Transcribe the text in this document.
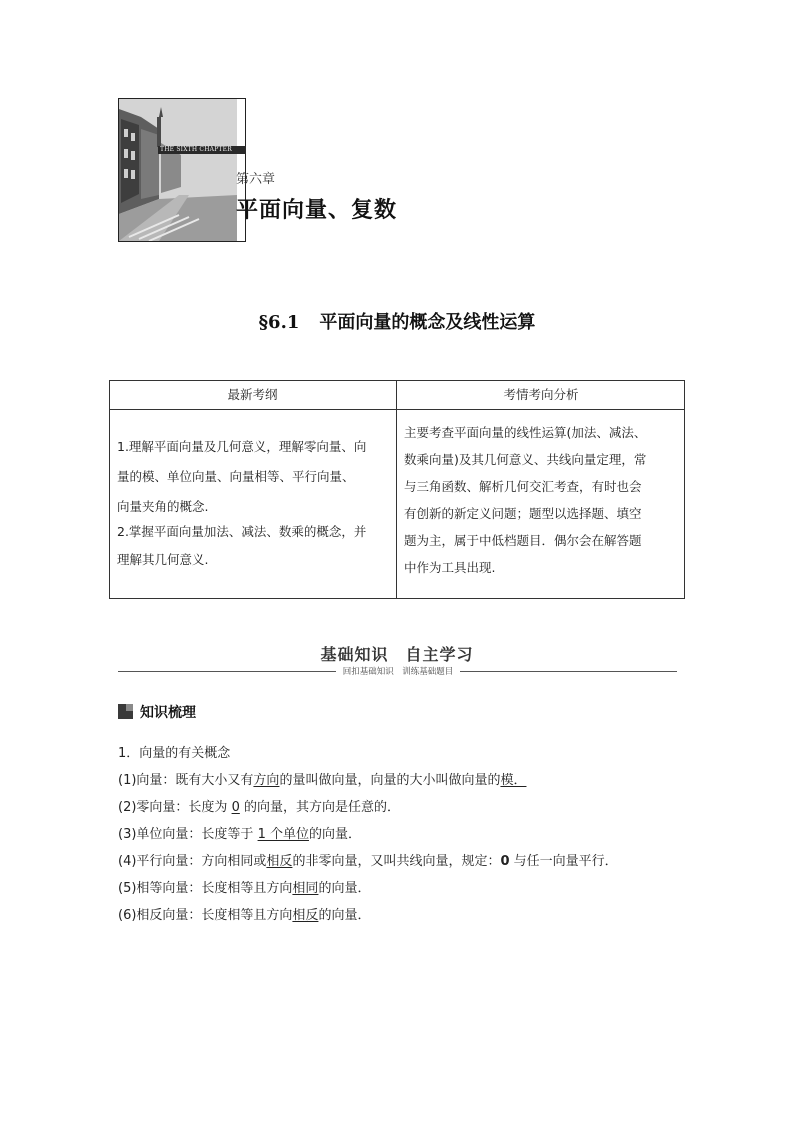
THE SIXTH CHAPTER
第六章
平面向量、复数
§6.1 平面向量的概念及线性运算
最新考纲	考情考向分析
1.理解平面向量及几何意义，理解零向量、向
量的模、单位向量、向量相等、平行向量、
向量夹角的概念.
2.掌握平面向量加法、减法、数乘的概念，并
理解其几何意义.
主要考查平面向量的线性运算(加法、减法、
数乘向量)及其几何意义、共线向量定理，常
与三角函数、解析几何交汇考查，有时也会
有创新的新定义问题；题型以选择题、填空
题为主，属于中低档题目．偶尔会在解答题
中作为工具出现.
基础知识　自主学习
回扣基础知识　训练基础题目
知识梳理
1．向量的有关概念
(1)向量：既有大小又有方向的量叫做向量，向量的大小叫做向量的模．
(2)零向量：长度为 0 的向量，其方向是任意的．
(3)单位向量：长度等于 1 个单位的向量．
(4)平行向量：方向相同或相反的非零向量，又叫共线向量，规定：0 与任一向量平行．
(5)相等向量：长度相等且方向相同的向量．
(6)相反向量：长度相等且方向相反的向量．
